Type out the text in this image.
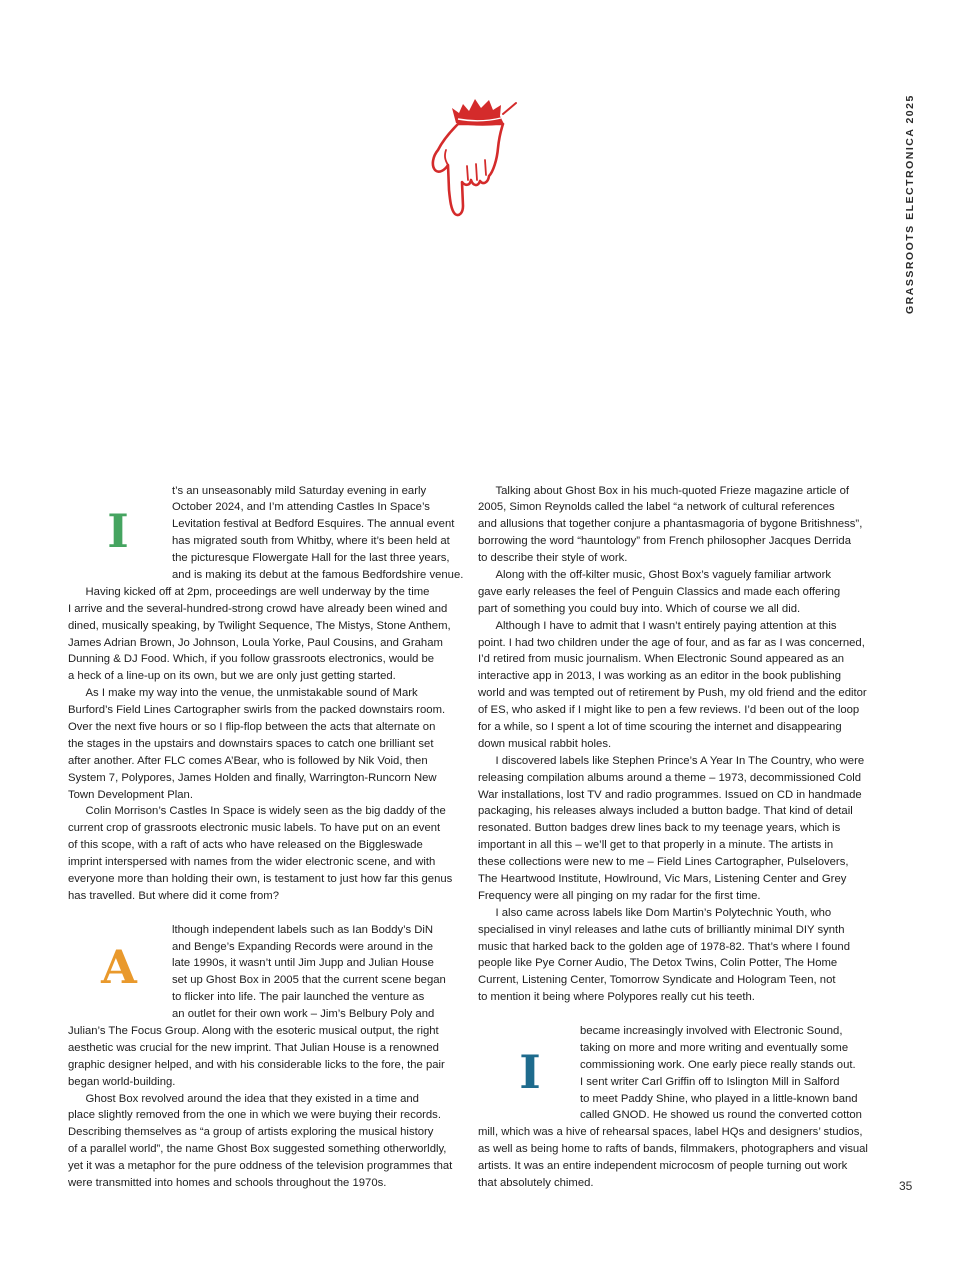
GRASSROOTS ELECTRONICA 2025
I
t’s an unseasonably mild Saturday evening in early
October 2024, and I’m attending Castles In Space’s
Levitation festival at Bedford Esquires. The annual event
has migrated south from Whitby, where it’s been held at
the picturesque Flowergate Hall for the last three years,
and is making its debut at the famous Bedfordshire venue.
Having kicked off at 2pm, proceedings are well underway by the time
I arrive and the several-hundred-strong crowd have already been wined and
dined, musically speaking, by Twilight Sequence, The Mistys, Stone Anthem,
James Adrian Brown, Jo Johnson, Loula Yorke, Paul Cousins, and Graham
Dunning & DJ Food. Which, if you follow grassroots electronics, would be
a heck of a line-up on its own, but we are only just getting started.
As I make my way into the venue, the unmistakable sound of Mark
Burford’s Field Lines Cartographer swirls from the packed downstairs room.
Over the next five hours or so I flip-flop between the acts that alternate on
the stages in the upstairs and downstairs spaces to catch one brilliant set
after another. After FLC comes A’Bear, who is followed by Nik Void, then
System 7, Polypores, James Holden and finally, Warrington-Runcorn New
Town Development Plan.
Colin Morrison’s Castles In Space is widely seen as the big daddy of the
current crop of grassroots electronic music labels. To have put on an event
of this scope, with a raft of acts who have released on the Biggleswade
imprint interspersed with names from the wider electronic scene, and with
everyone more than holding their own, is testament to just how far this genus
has travelled. But where did it come from?
A
lthough independent labels such as Ian Boddy’s DiN
and Benge’s Expanding Records were around in the
late 1990s, it wasn’t until Jim Jupp and Julian House
set up Ghost Box in 2005 that the current scene began
to flicker into life. The pair launched the venture as
an outlet for their own work – Jim’s Belbury Poly and
Julian’s The Focus Group. Along with the esoteric musical output, the right
aesthetic was crucial for the new imprint. That Julian House is a renowned
graphic designer helped, and with his considerable licks to the fore, the pair
began world-building.
Ghost Box revolved around the idea that they existed in a time and
place slightly removed from the one in which we were buying their records.
Describing themselves as “a group of artists exploring the musical history
of a parallel world”, the name Ghost Box suggested something otherworldly,
yet it was a metaphor for the pure oddness of the television programmes that
were transmitted into homes and schools throughout the 1970s.
Talking about Ghost Box in his much-quoted Frieze magazine article of
2005, Simon Reynolds called the label “a network of cultural references
and allusions that together conjure a phantasmagoria of bygone Britishness”,
borrowing the word “hauntology” from French philosopher Jacques Derrida
to describe their style of work.
Along with the off-kilter music, Ghost Box’s vaguely familiar artwork
gave early releases the feel of Penguin Classics and made each offering
part of something you could buy into. Which of course we all did.
Although I have to admit that I wasn’t entirely paying attention at this
point. I had two children under the age of four, and as far as I was concerned,
I’d retired from music journalism. When Electronic Sound appeared as an
interactive app in 2013, I was working as an editor in the book publishing
world and was tempted out of retirement by Push, my old friend and the editor
of ES, who asked if I might like to pen a few reviews. I’d been out of the loop
for a while, so I spent a lot of time scouring the internet and disappearing
down musical rabbit holes.
I discovered labels like Stephen Prince’s A Year In The Country, who were
releasing compilation albums around a theme – 1973, decommissioned Cold
War installations, lost TV and radio programmes. Issued on CD in handmade
packaging, his releases always included a button badge. That kind of detail
resonated. Button badges drew lines back to my teenage years, which is
important in all this – we’ll get to that properly in a minute. The artists in
these collections were new to me – Field Lines Cartographer, Pulselovers,
The Heartwood Institute, Howlround, Vic Mars, Listening Center and Grey
Frequency were all pinging on my radar for the first time.
I also came across labels like Dom Martin’s Polytechnic Youth, who
specialised in vinyl releases and lathe cuts of brilliantly minimal DIY synth
music that harked back to the golden age of 1978-82. That’s where I found
people like Pye Corner Audio, The Detox Twins, Colin Potter, The Home
Current, Listening Center, Tomorrow Syndicate and Hologram Teen, not
to mention it being where Polypores really cut his teeth.
I
became increasingly involved with Electronic Sound,
taking on more and more writing and eventually some
commissioning work. One early piece really stands out.
I sent writer Carl Griffin off to Islington Mill in Salford
to meet Paddy Shine, who played in a little-known band
called GNOD. He showed us round the converted cotton
mill, which was a hive of rehearsal spaces, label HQs and designers’ studios,
as well as being home to rafts of bands, filmmakers, photographers and visual
artists. It was an entire independent microcosm of people turning out work
that absolutely chimed.	35
